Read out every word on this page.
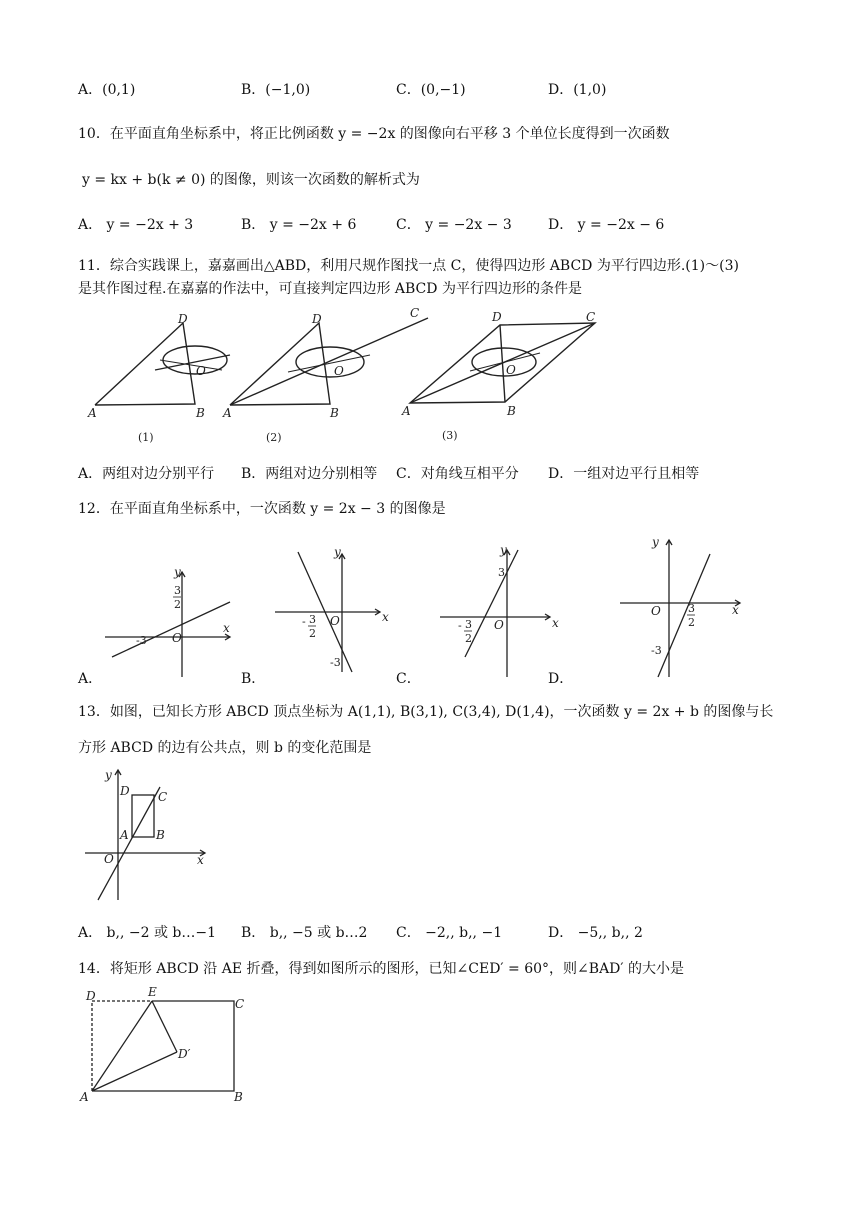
A．(0,1)	B．(−1,0)	C．(0,−1)	D．(1,0)
10．在平面直角坐标系中，将正比例函数 y = −2x 的图像向右平移 3 个单位长度得到一次函数
y = kx + b(k ≠ 0) 的图像，则该一次函数的解析式为
A． y = −2x + 3	B． y = −2x + 6	C． y = −2x − 3	D． y = −2x − 6
11．综合实践课上，嘉嘉画出△ABD，利用尺规作图找一点 C，使得四边形 ABCD 为平行四边形.(1)～(3)
是其作图过程.在嘉嘉的作法中，可直接判定四边形 ABCD 为平行四边形的条件是
D
O
A	B
(1)
D	C
O
A	B
(2)
D	C
O
A	B
(3)
A．两组对边分别平行 B．两组对边分别相等 C．对角线互相平分 D．一组对边平行且相等
12．在平面直角坐标系中，一次函数 y = 2x − 3 的图像是
y
x
O
-3
3
2
y
x
O
- 3
2
-3
y
x
O
3
- 3
2
y
x
O 3
2
-3
A．	B．	C．	D．
13．如图，已知长方形 ABCD 顶点坐标为 A(1,1), B(3,1), C(3,4), D(1,4)，一次函数 y = 2x + b 的图像与长
方形 ABCD 的边有公共点，则 b 的变化范围是
y
x
O
D C
A B
A． b,, −2 或 b…−1 B． b,, −5 或 b…2 C． −2,, b,, −1	D． −5,, b,, 2
14．将矩形 ABCD 沿 AE 折叠，得到如图所示的图形，已知∠CED′ = 60°，则∠BAD′ 的大小是
D	E
C
D′
A	B
